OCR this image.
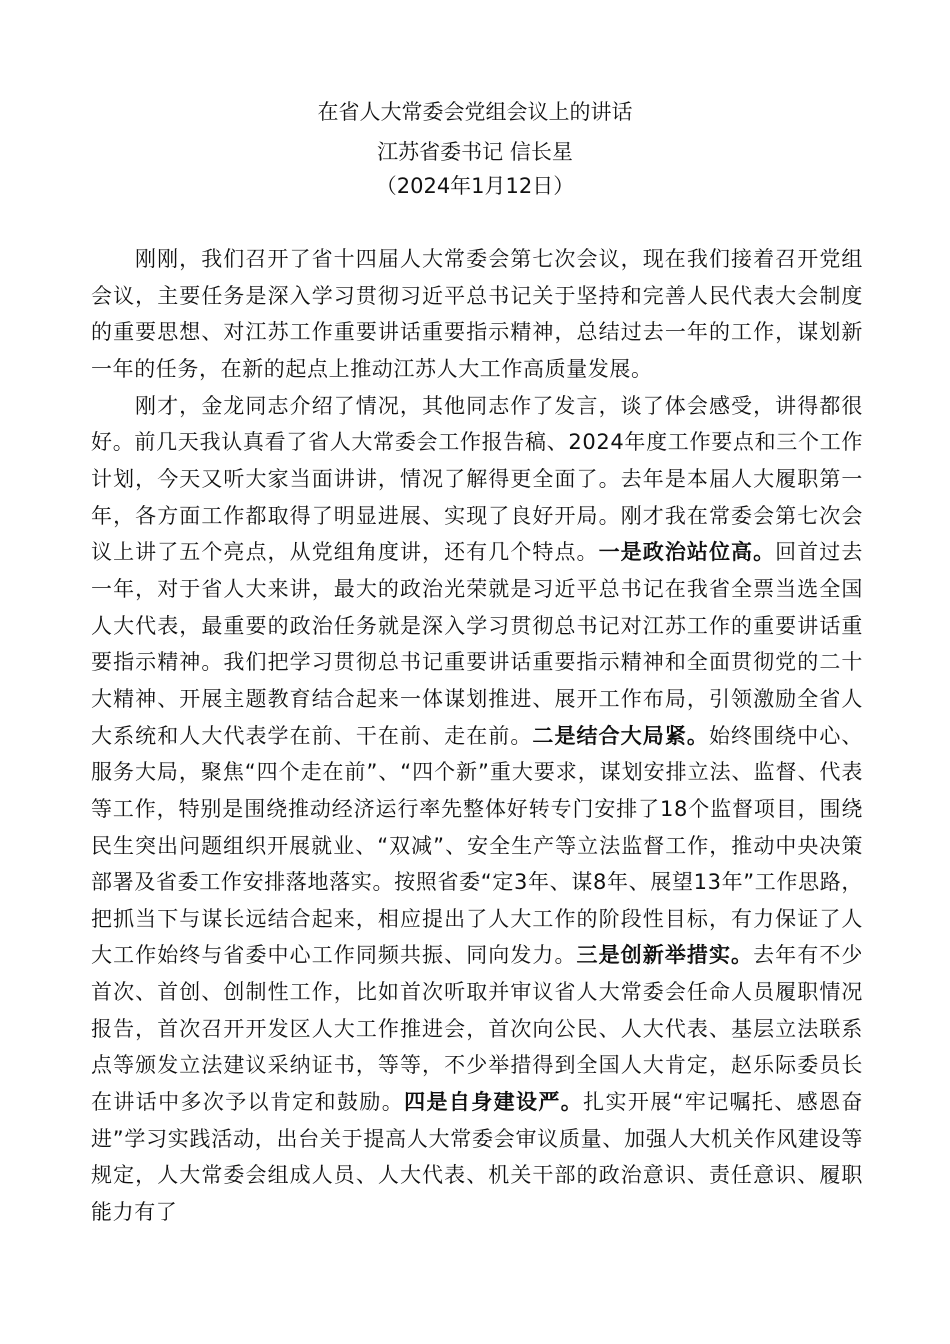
在省人大常委会党组会议上的讲话
江苏省委书记 信长星
（2024年1月12日）

刚刚，我们召开了省十四届人大常委会第七次会议，现在我们接着召开党组会议，主要任务是深入学习贯彻习近平总书记关于坚持和完善人民代表大会制度的重要思想、对江苏工作重要讲话重要指示精神，总结过去一年的工作，谋划新一年的任务，在新的起点上推动江苏人大工作高质量发展。

刚才，金龙同志介绍了情况，其他同志作了发言，谈了体会感受，讲得都很好。前几天我认真看了省人大常委会工作报告稿、2024年度工作要点和三个工作计划，今天又听大家当面讲讲，情况了解得更全面了。去年是本届人大履职第一年，各方面工作都取得了明显进展、实现了良好开局。刚才我在常委会第七次会议上讲了五个亮点，从党组角度讲，还有几个特点。一是政治站位高。回首过去一年，对于省人大来讲，最大的政治光荣就是习近平总书记在我省全票当选全国人大代表，最重要的政治任务就是深入学习贯彻总书记对江苏工作的重要讲话重要指示精神。我们把学习贯彻总书记重要讲话重要指示精神和全面贯彻党的二十大精神、开展主题教育结合起来一体谋划推进、展开工作布局，引领激励全省人大系统和人大代表学在前、干在前、走在前。二是结合大局紧。始终围绕中心、服务大局，聚焦“四个走在前”、“四个新”重大要求，谋划安排立法、监督、代表等工作，特别是围绕推动经济运行率先整体好转专门安排了18个监督项目，围绕民生突出问题组织开展就业、“双减”、安全生产等立法监督工作，推动中央决策部署及省委工作安排落地落实。按照省委“定3年、谋8年、展望13年”工作思路，把抓当下与谋长远结合起来，相应提出了人大工作的阶段性目标，有力保证了人大工作始终与省委中心工作同频共振、同向发力。三是创新举措实。去年有不少首次、首创、创制性工作，比如首次听取并审议省人大常委会任命人员履职情况报告，首次召开开发区人大工作推进会，首次向公民、人大代表、基层立法联系点等颁发立法建议采纳证书，等等，不少举措得到全国人大肯定，赵乐际委员长在讲话中多次予以肯定和鼓励。四是自身建设严。扎实开展“牢记嘱托、感恩奋进”学习实践活动，出台关于提高人大常委会审议质量、加强人大机关作风建设等规定，人大常委会组成人员、人大代表、机关干部的政治意识、责任意识、履职能力有了
